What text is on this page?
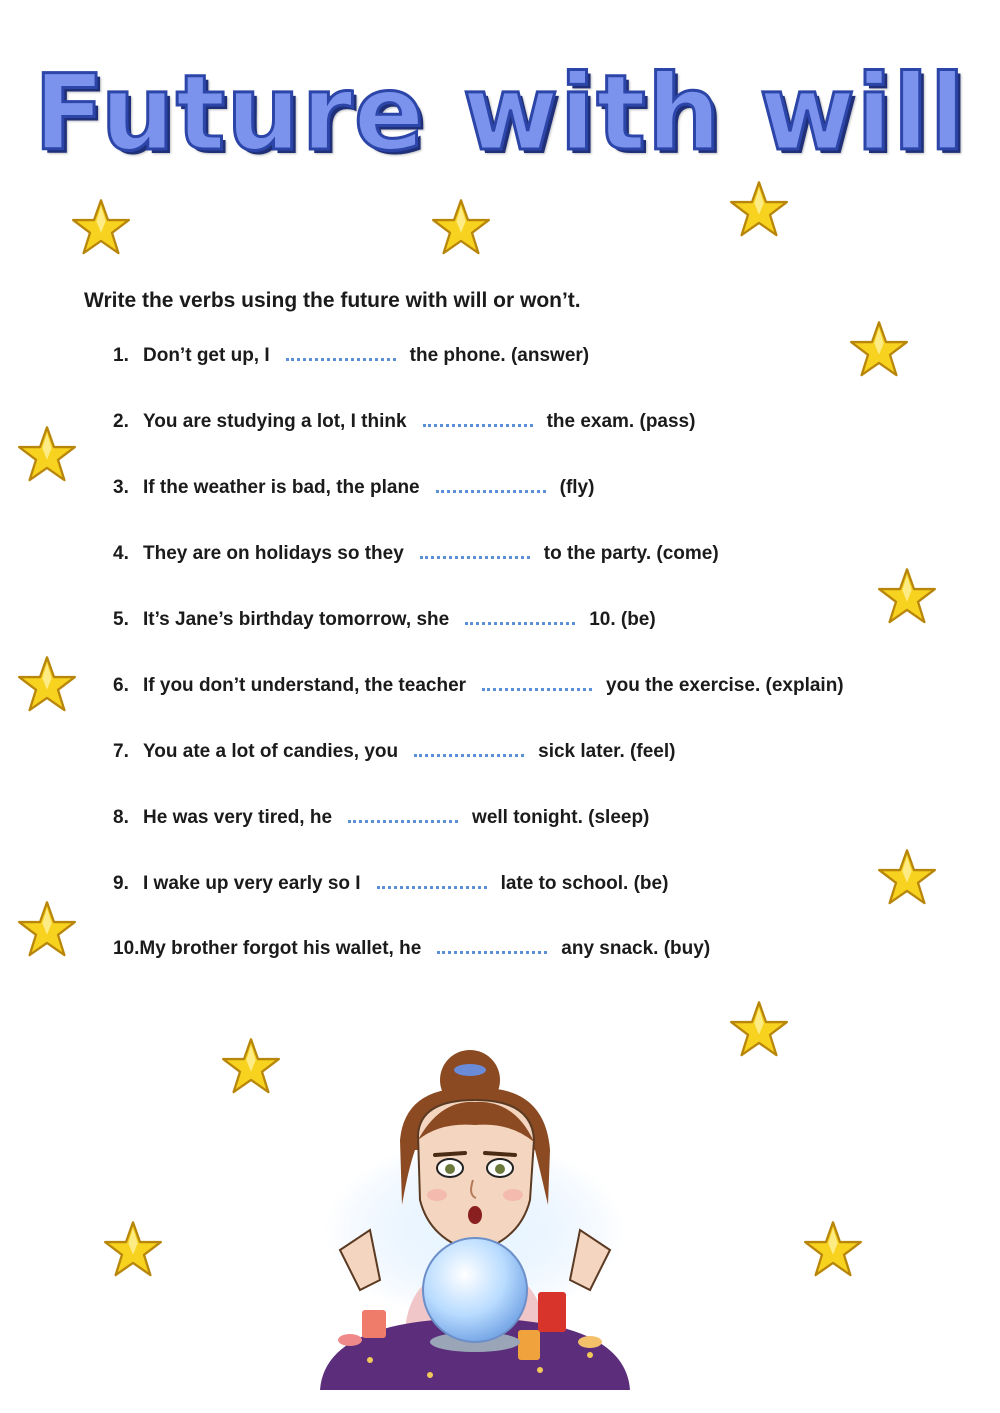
Future with will
Write the verbs using the future with will or won’t.
1. Don’t get up, I	the phone. (answer)
2. You are studying a lot, I think	the exam. (pass)
3. If the weather is bad, the plane	(fly)
4. They are on holidays so they	to the party. (come)
5. It’s Jane’s birthday tomorrow, she	10. (be)
6. If you don’t understand, the teacher	you the exercise. (explain)
7. You ate a lot of candies, you	sick later. (feel)
8. He was very tired, he	well tonight. (sleep)
9. I wake up very early so I	late to school. (be)
10.My brother forgot his wallet, he	any snack. (buy)
